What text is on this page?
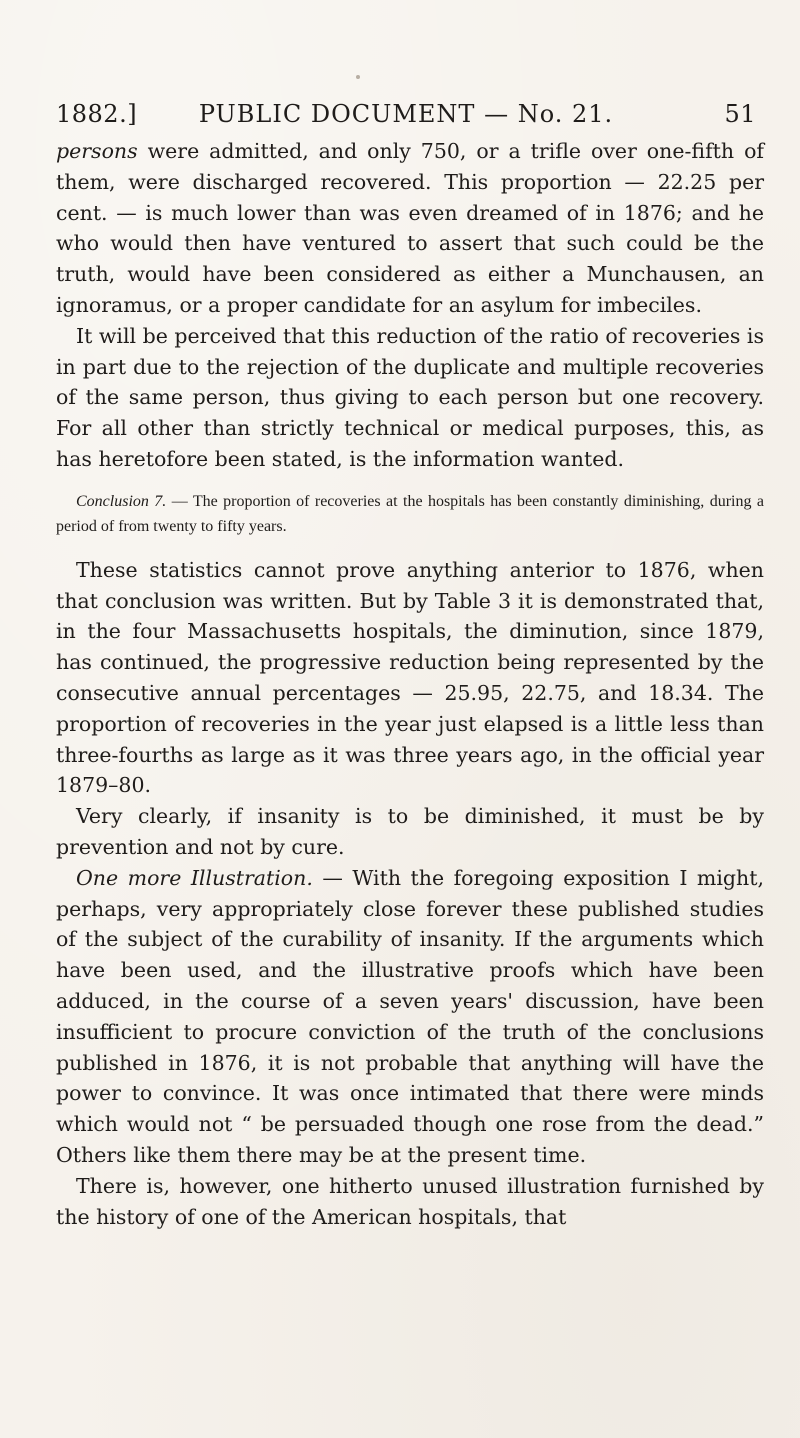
1882.]	PUBLIC DOCUMENT — No. 21.	51

persons were admitted, and only 750, or a trifle over one-fifth of them, were discharged recovered. This proportion — 22.25 per cent. — is much lower than was even dreamed of in 1876; and he who would then have ventured to assert that such could be the truth, would have been considered as either a Munchausen, an ignoramus, or a proper candidate for an asylum for imbeciles.

It will be perceived that this reduction of the ratio of recoveries is in part due to the rejection of the duplicate and multiple recoveries of the same person, thus giving to each person but one recovery. For all other than strictly technical or medical purposes, this, as has heretofore been stated, is the information wanted.

Conclusion 7. — The proportion of recoveries at the hospitals has been constantly diminishing, during a period of from twenty to fifty years.

These statistics cannot prove anything anterior to 1876, when that conclusion was written. But by Table 3 it is demonstrated that, in the four Massachusetts hospitals, the diminution, since 1879, has continued, the progressive reduction being represented by the consecutive annual percentages — 25.95, 22.75, and 18.34. The proportion of recoveries in the year just elapsed is a little less than three-fourths as large as it was three years ago, in the official year 1879–80.

Very clearly, if insanity is to be diminished, it must be by prevention and not by cure.

One more Illustration. — With the foregoing exposition I might, perhaps, very appropriately close forever these published studies of the subject of the curability of insanity. If the arguments which have been used, and the illustrative proofs which have been adduced, in the course of a seven years' discussion, have been insufficient to procure conviction of the truth of the conclusions published in 1876, it is not probable that anything will have the power to convince. It was once intimated that there were minds which would not “ be persuaded though one rose from the dead.” Others like them there may be at the present time.

There is, however, one hitherto unused illustration furnished by the history of one of the American hospitals, that
